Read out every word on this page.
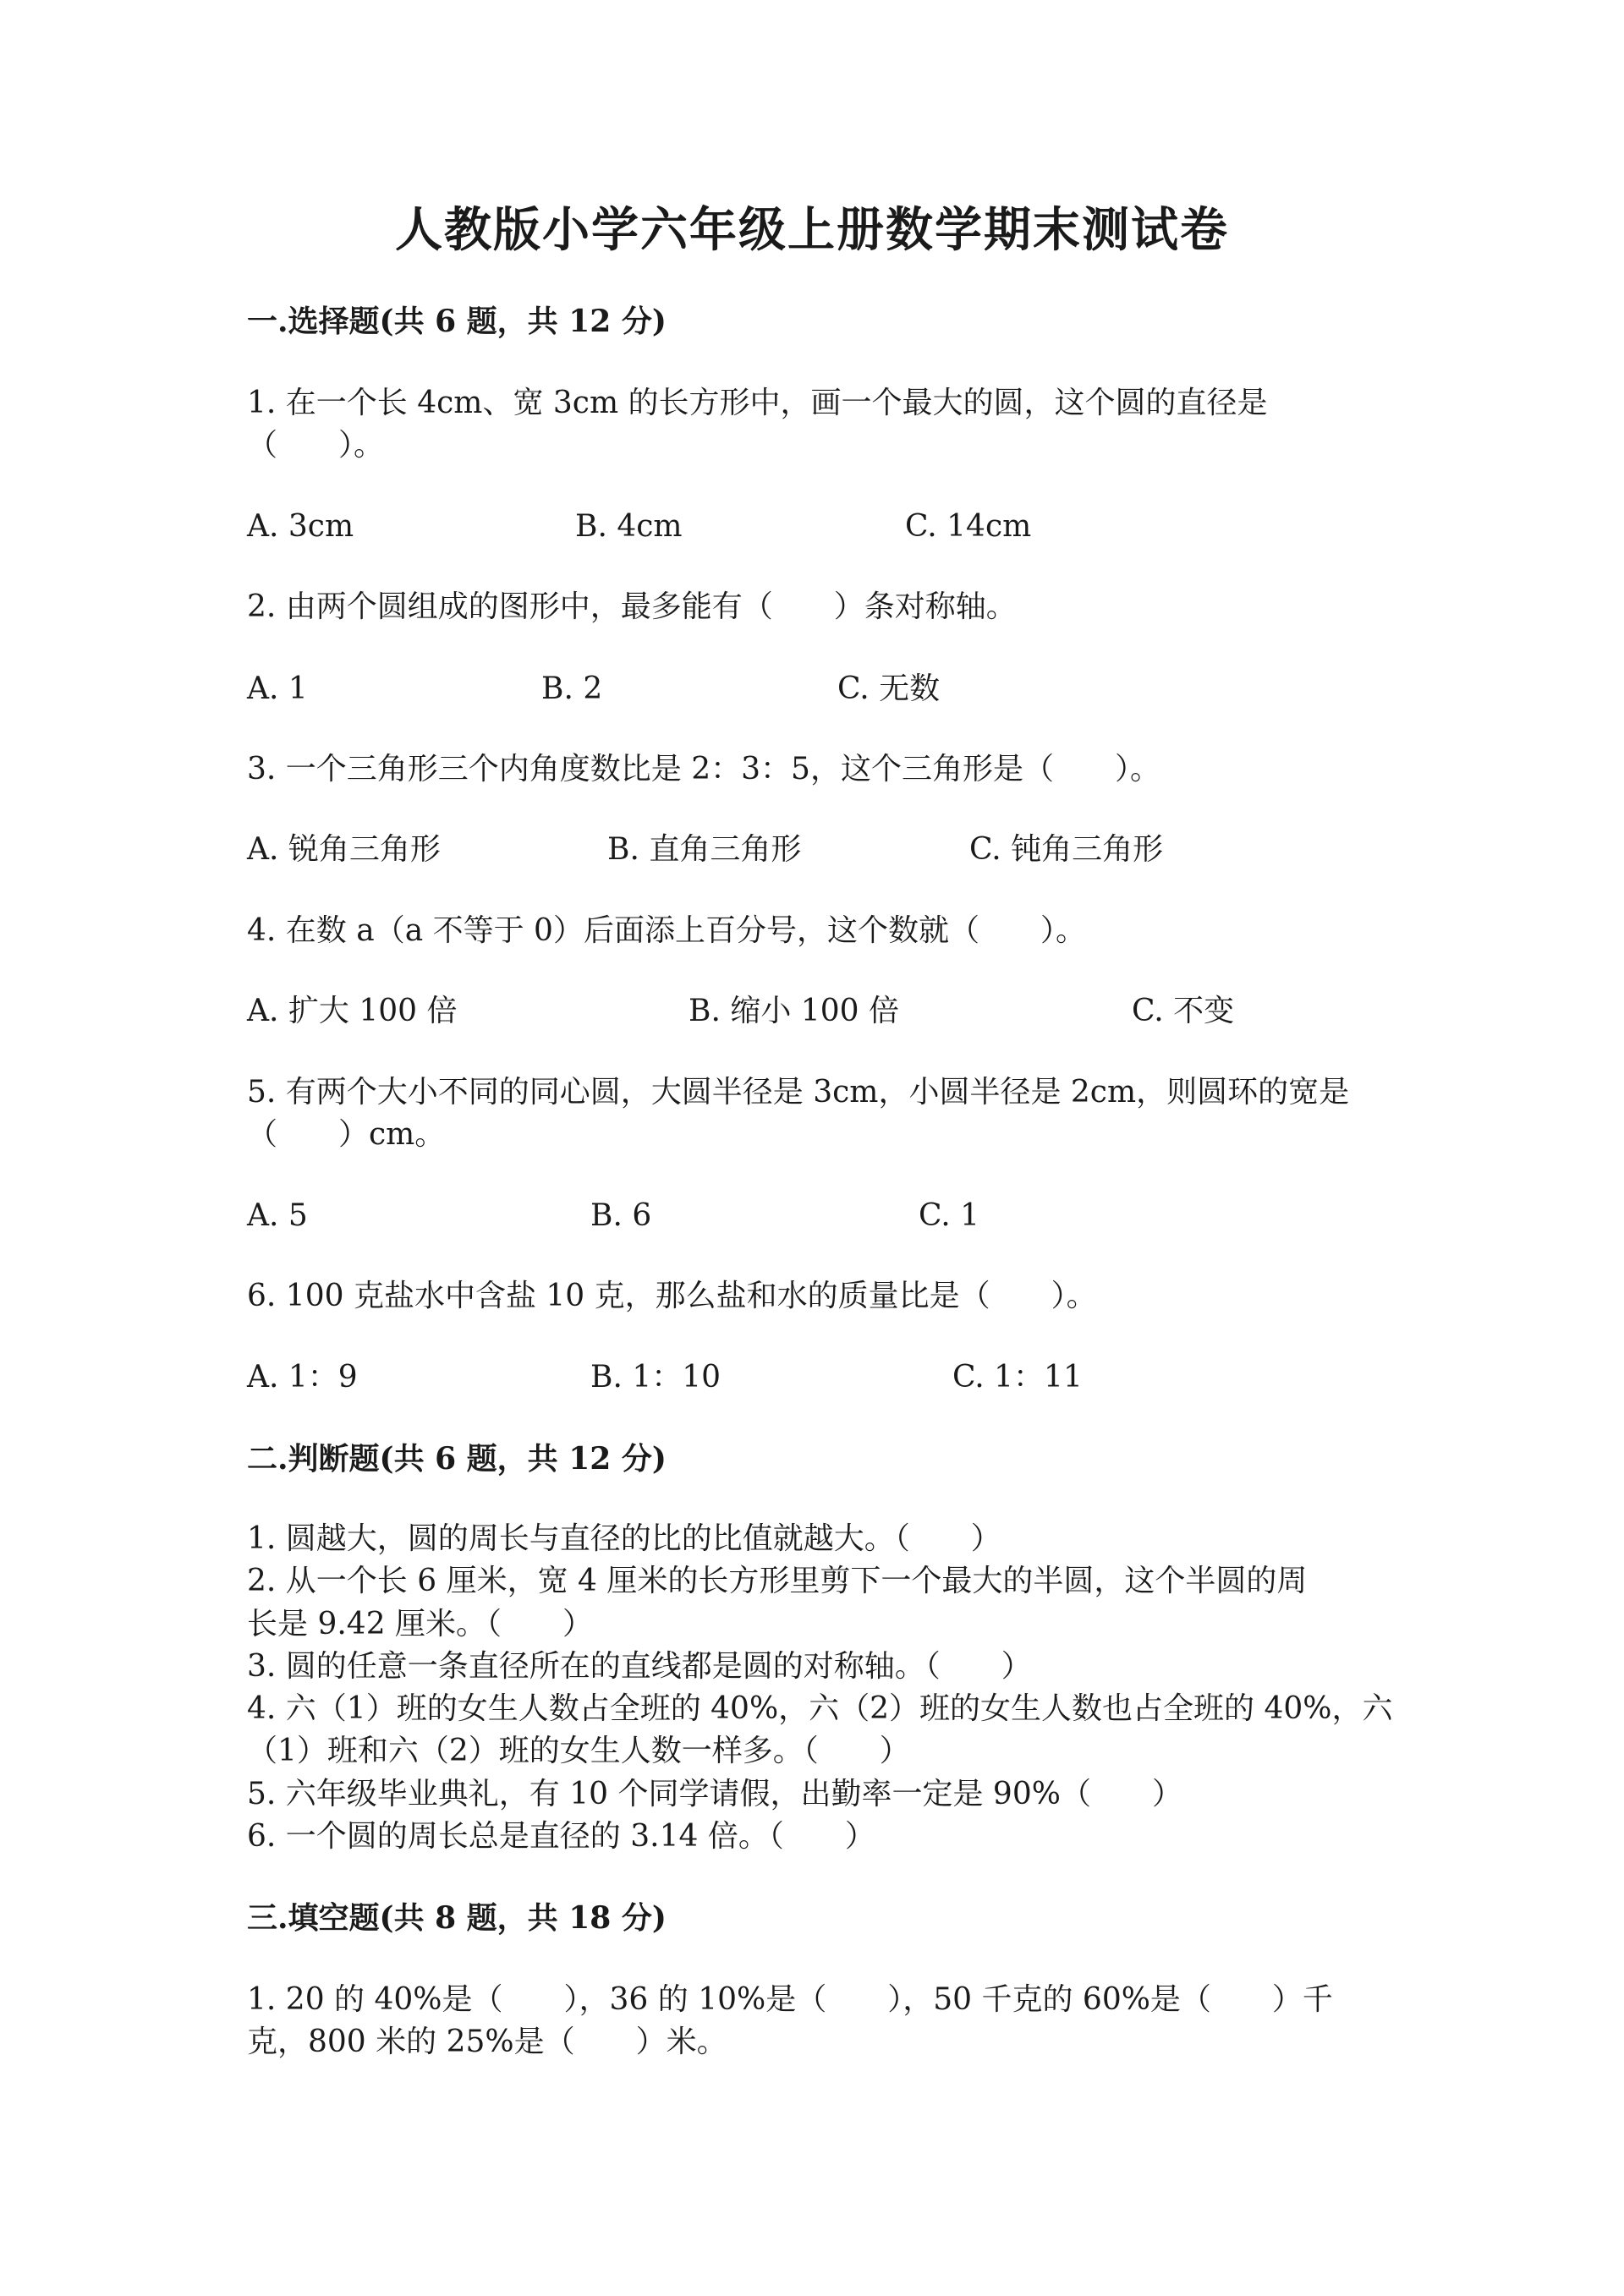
人教版小学六年级上册数学期末测试卷
一.选择题(共 6 题，共 12 分)
1. 在一个长 4cm、宽 3cm 的长方形中，画一个最大的圆，这个圆的直径是
（　　）。
A. 3cm	B. 4cm	C. 14cm
2. 由两个圆组成的图形中，最多能有（　　）条对称轴。
A. 1	B. 2	C. 无数
3. 一个三角形三个内角度数比是 2：3：5，这个三角形是（　　）。
A. 锐角三角形	B. 直角三角形	C. 钝角三角形
4. 在数 a（a 不等于 0）后面添上百分号，这个数就（　　）。
A. 扩大 100 倍	B. 缩小 100 倍	C. 不变
5. 有两个大小不同的同心圆，大圆半径是 3cm，小圆半径是 2cm，则圆环的宽是
（　　）cm。
A. 5	B. 6	C. 1
6. 100 克盐水中含盐 10 克，那么盐和水的质量比是（　　）。
A. 1：9	B. 1：10	C. 1：11
二.判断题(共 6 题，共 12 分)
1. 圆越大，圆的周长与直径的比的比值就越大。（　　）
2. 从一个长 6 厘米，宽 4 厘米的长方形里剪下一个最大的半圆，这个半圆的周
长是 9.42 厘米。（　　）
3. 圆的任意一条直径所在的直线都是圆的对称轴。（　　）
4. 六（1）班的女生人数占全班的 40%，六（2）班的女生人数也占全班的 40%，六
（1）班和六（2）班的女生人数一样多。（　　）
5. 六年级毕业典礼，有 10 个同学请假，出勤率一定是 90%（　　）
6. 一个圆的周长总是直径的 3.14 倍。（　　）
三.填空题(共 8 题，共 18 分)
1. 20 的 40%是（　　），36 的 10%是（　　），50 千克的 60%是（　　）千
克，800 米的 25%是（　　）米。
